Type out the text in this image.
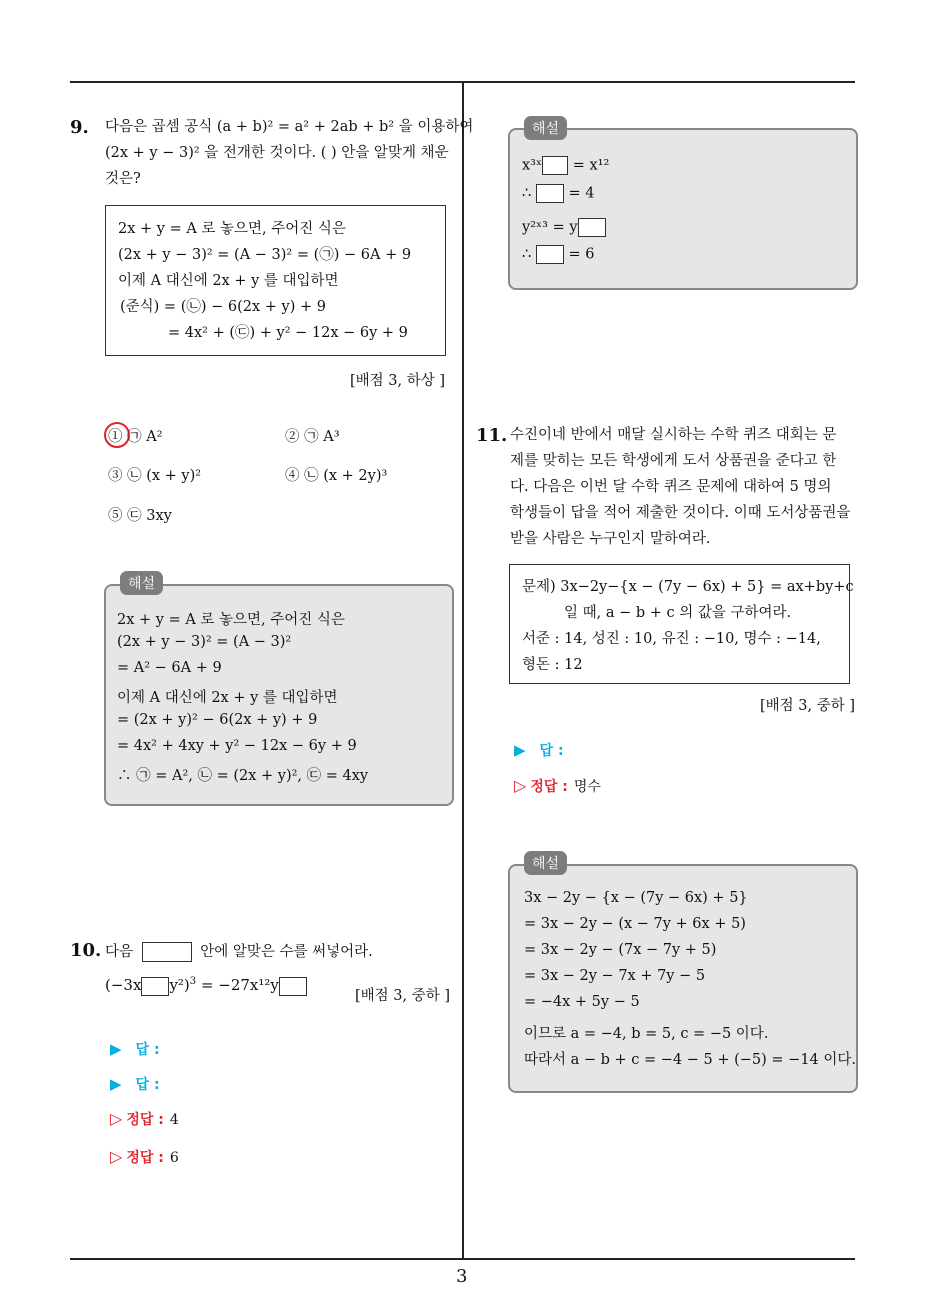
3
9. 다음은 곱셈 공식 (a + b)² = a² + 2ab + b² 을 이용하여
(2x + y − 3)² 을 전개한 것이다. ( ) 안을 알맞게 채운
것은?
2x + y = A 로 놓으면, 주어진 식은
(2x + y − 3)² = (A − 3)² = (㉠) − 6A + 9
이제 A 대신에 2x + y 를 대입하면
(준식) = (㉡) − 6(2x + y) + 9
= 4x² + (㉢) + y² − 12x − 6y + 9
[배점 3, 하상 ]
① ㉠ A²	② ㉠ A³
③ ㉡ (x + y)²	④ ㉡ (x + 2y)³
⑤ ㉢ 3xy
2x + y = A 로 놓으면, 주어진 식은
(2x + y − 3)² = (A − 3)²
= A² − 6A + 9
이제 A 대신에 2x + y 를 대입하면
= (2x + y)² − 6(2x + y) + 9
= 4x² + 4xy + y² − 12x − 6y + 9
∴ ㉠ = A², ㉡ = (2x + y)², ㉢ = 4xy
해설
10. 다음	안에 알맞은 수를 써넣어라.
(−3x y²)$^3$ = −27x¹²y
[배점 3, 중하 ]
▶ 답 :
▶ 답 :
▷ 정답 : 4
▷ 정답 : 6
x³ˣ = x¹²
∴	= 4
y²ˣ³ = y
∴	= 6
해설
11. 수진이네 반에서 매달 실시하는 수학 퀴즈 대회는 문
제를 맞히는 모든 학생에게 도서 상품권을 준다고 한
다. 다음은 이번 달 수학 퀴즈 문제에 대하여 5 명의
학생들이 답을 적어 제출한 것이다. 이때 도서상품권을
받을 사람은 누구인지 말하여라.
문제) 3x−2y−{x − (7y − 6x) + 5} = ax+by+c
일 때, a − b + c 의 값을 구하여라.
서준 : 14, 성진 : 10, 유진 : −10, 명수 : −14,
형돈 : 12
[배점 3, 중하 ]
▶ 답 :
▷ 정답 : 명수
3x − 2y − {x − (7y − 6x) + 5}
= 3x − 2y − (x − 7y + 6x + 5)
= 3x − 2y − (7x − 7y + 5)
= 3x − 2y − 7x + 7y − 5
= −4x + 5y − 5
이므로 a = −4, b = 5, c = −5 이다.
따라서 a − b + c = −4 − 5 + (−5) = −14 이다.
해설
